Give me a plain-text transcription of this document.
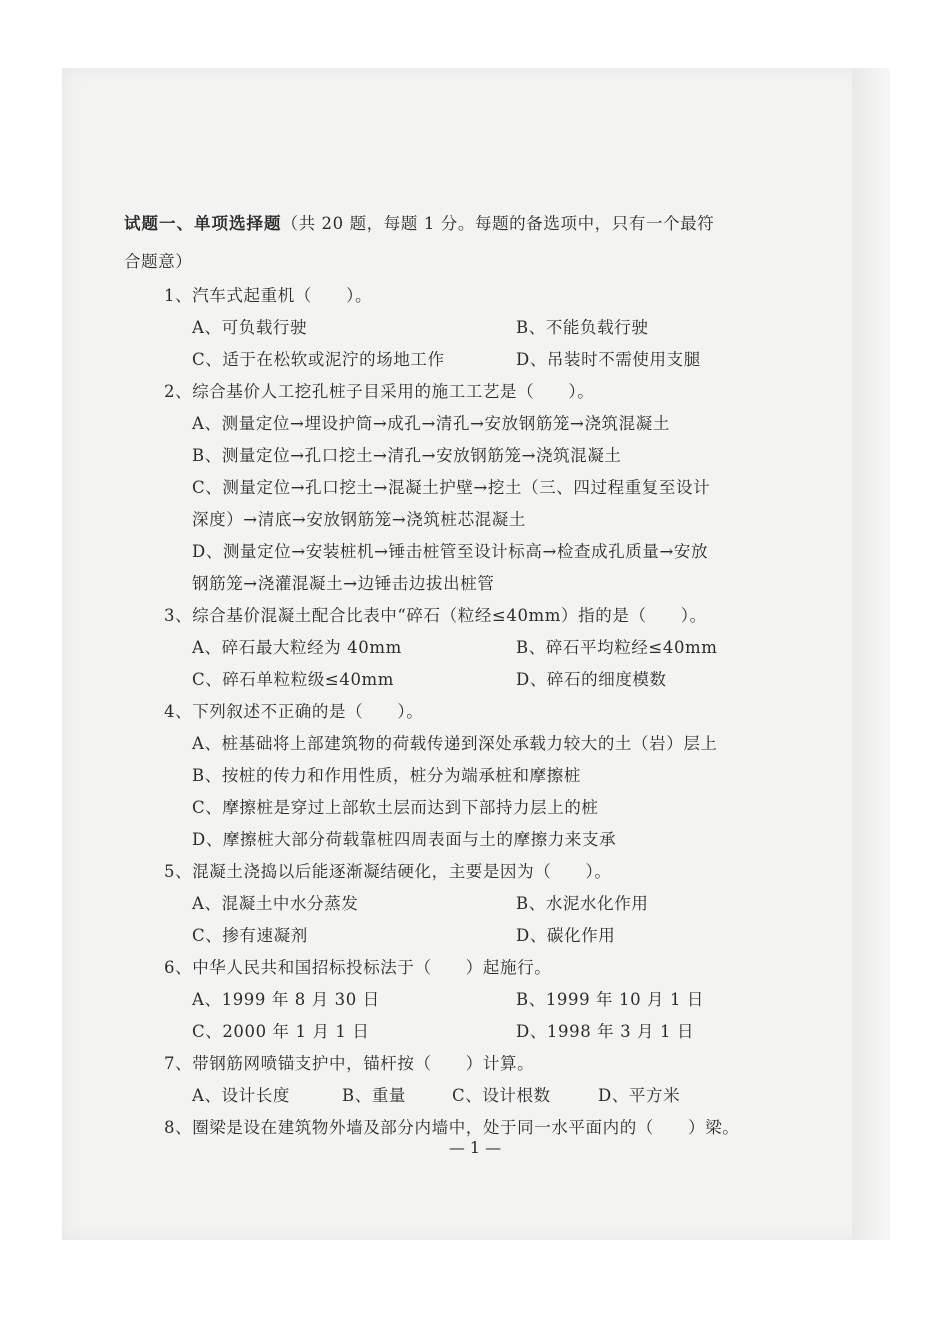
试题一、单项选择题（共 20 题，每题 1 分。每题的备选项中，只有一个最符
合题意）
1、汽车式起重机（　　）。
A、可负载行驶	B、不能负载行驶
C、适于在松软或泥泞的场地工作	D、吊装时不需使用支腿
2、综合基价人工挖孔桩子目采用的施工工艺是（　　）。
A、测量定位→埋设护筒→成孔→清孔→安放钢筋笼→浇筑混凝土
B、测量定位→孔口挖土→清孔→安放钢筋笼→浇筑混凝土
C、测量定位→孔口挖土→混凝土护壁→挖土（三、四过程重复至设计
深度）→清底→安放钢筋笼→浇筑桩芯混凝土
D、测量定位→安装桩机→锤击桩管至设计标高→检查成孔质量→安放
钢筋笼→浇灌混凝土→边锤击边拔出桩管
3、综合基价混凝土配合比表中“碎石（粒经≤40mm）指的是（　　）。
A、碎石最大粒经为 40mm	B、碎石平均粒经≤40mm
C、碎石单粒粒级≤40mm	D、碎石的细度模数
4、下列叙述不正确的是（　　）。
A、桩基础将上部建筑物的荷载传递到深处承载力较大的土（岩）层上
B、按桩的传力和作用性质，桩分为端承桩和摩擦桩
C、摩擦桩是穿过上部软土层而达到下部持力层上的桩
D、摩擦桩大部分荷载靠桩四周表面与土的摩擦力来支承
5、混凝土浇捣以后能逐渐凝结硬化，主要是因为（　　）。
A、混凝土中水分蒸发	B、水泥水化作用
C、掺有速凝剂	D、碳化作用
6、中华人民共和国招标投标法于（　　）起施行。
A、1999 年 8 月 30 日	B、1999 年 10 月 1 日
C、2000 年 1 月 1 日	D、1998 年 3 月 1 日
7、带钢筋网喷锚支护中，锚杆按（　　）计算。
A、设计长度	B、重量	C、设计根数	D、平方米
8、圈梁是设在建筑物外墙及部分内墙中，处于同一水平面内的（　　）梁。
— 1 —
